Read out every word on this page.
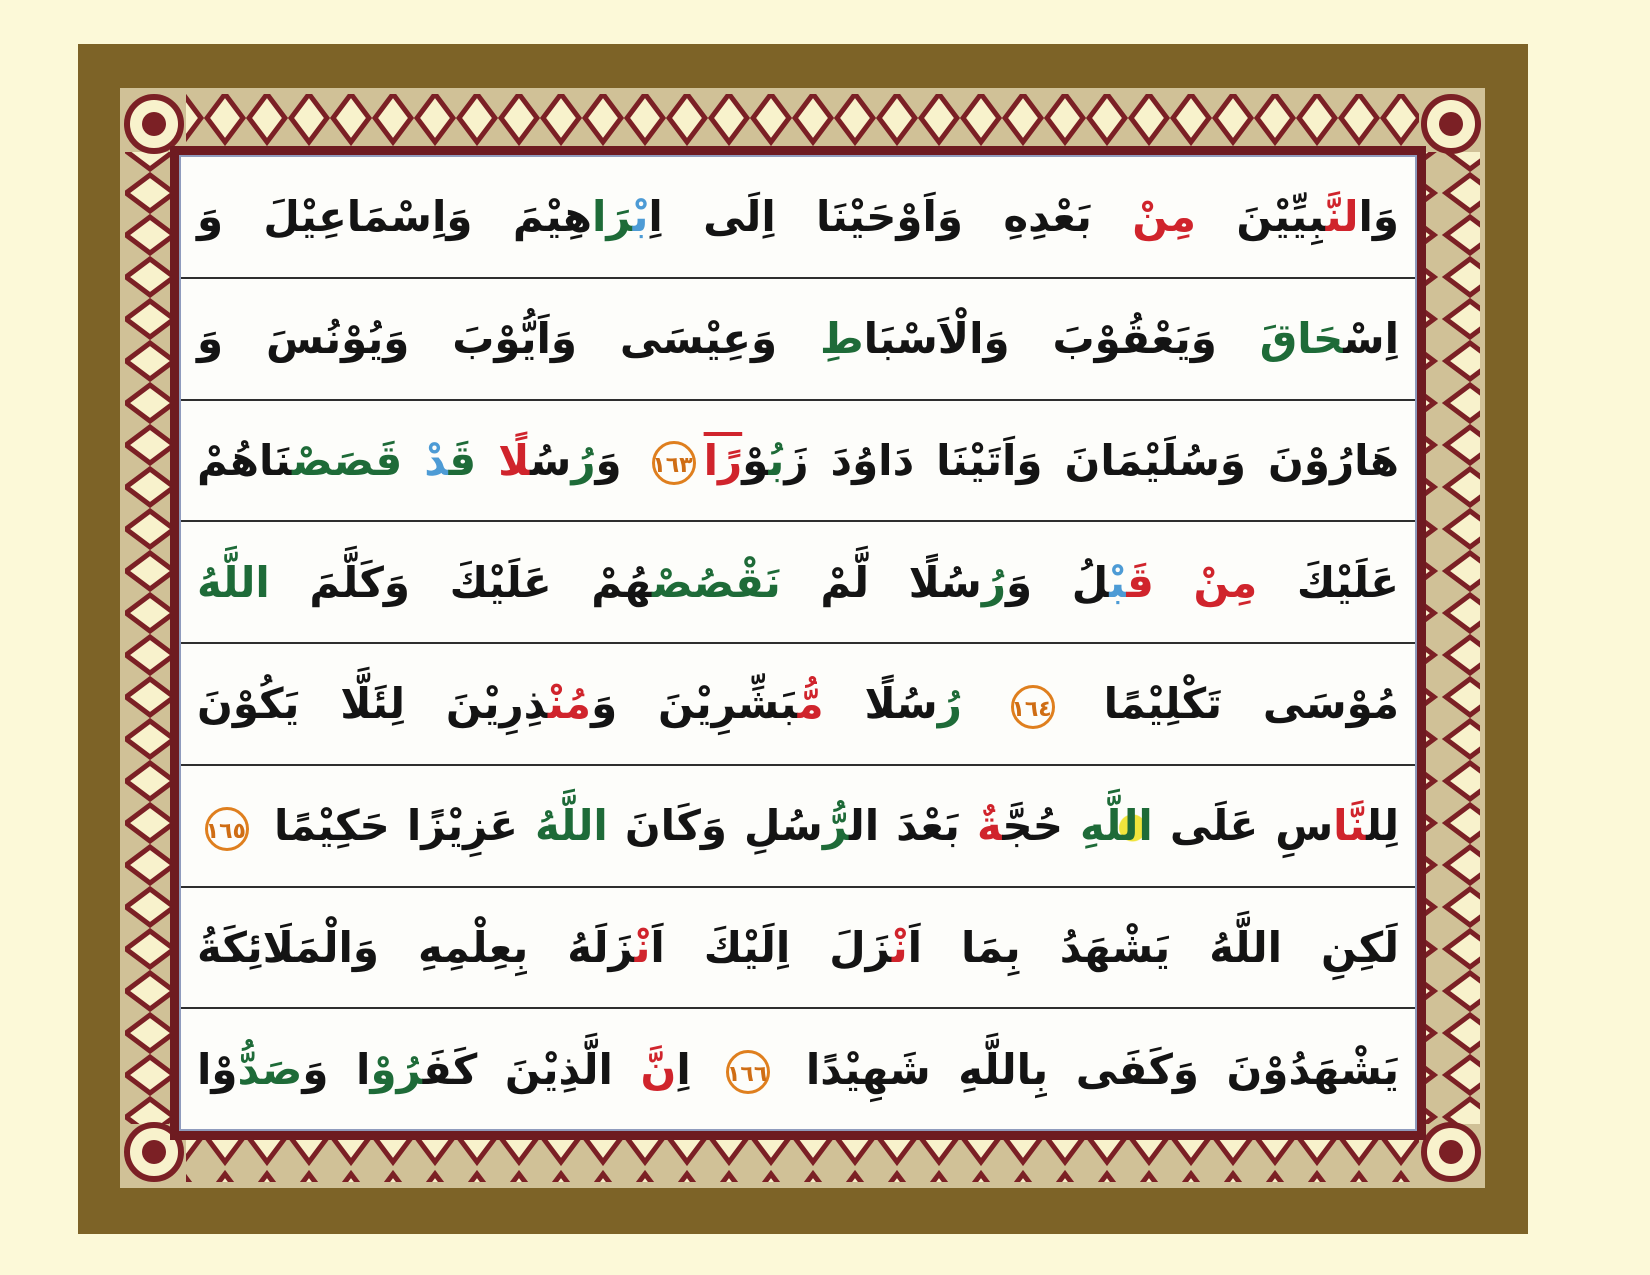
وَالنَّبِيِّيْنَ مِنْ بَعْدِهِ وَاَوْحَيْنَا اِلَى اِبْرَاهِيْمَ وَاِسْمَاعِيْلَ وَ
اِسْحَاقَ وَيَعْقُوْبَ وَالْاَسْبَاطِ وَعِيْسَى وَاَيُّوْبَ وَيُوْنُسَ وَ
هَارُوْنَ وَسُلَيْمَانَ وَاَتَيْنَا دَاوُدَ زَبُوْرًا١٦٣ وَرُسُلًا قَدْ قَصَصْنَاهُمْ
عَلَيْكَ مِنْ قَبْلُ وَرُسُلًا لَّمْ نَقْصُصْهُمْ عَلَيْكَ وَكَلَّمَ اللَّهُ
مُوْسَى تَكْلِيْمًا ١٦٤ رُسُلًا مُّبَشِّرِيْنَ وَمُنْذِرِيْنَ لِئَلَّا يَكُوْنَ
لِلنَّاسِ عَلَى اللَّهِ حُجَّةٌ بَعْدَ الرُّسُلِ وَكَانَ اللَّهُ عَزِيْزًا حَكِيْمًا ١٦٥
لَكِنِ اللَّهُ يَشْهَدُ بِمَا اَنْزَلَ اِلَيْكَ اَنْزَلَهُ بِعِلْمِهِ وَالْمَلَائِكَةُ
يَشْهَدُوْنَ وَكَفَى بِاللَّهِ شَهِيْدًا ١٦٦ اِنَّ الَّذِيْنَ كَفَرُوْا وَصَدُّوْا
